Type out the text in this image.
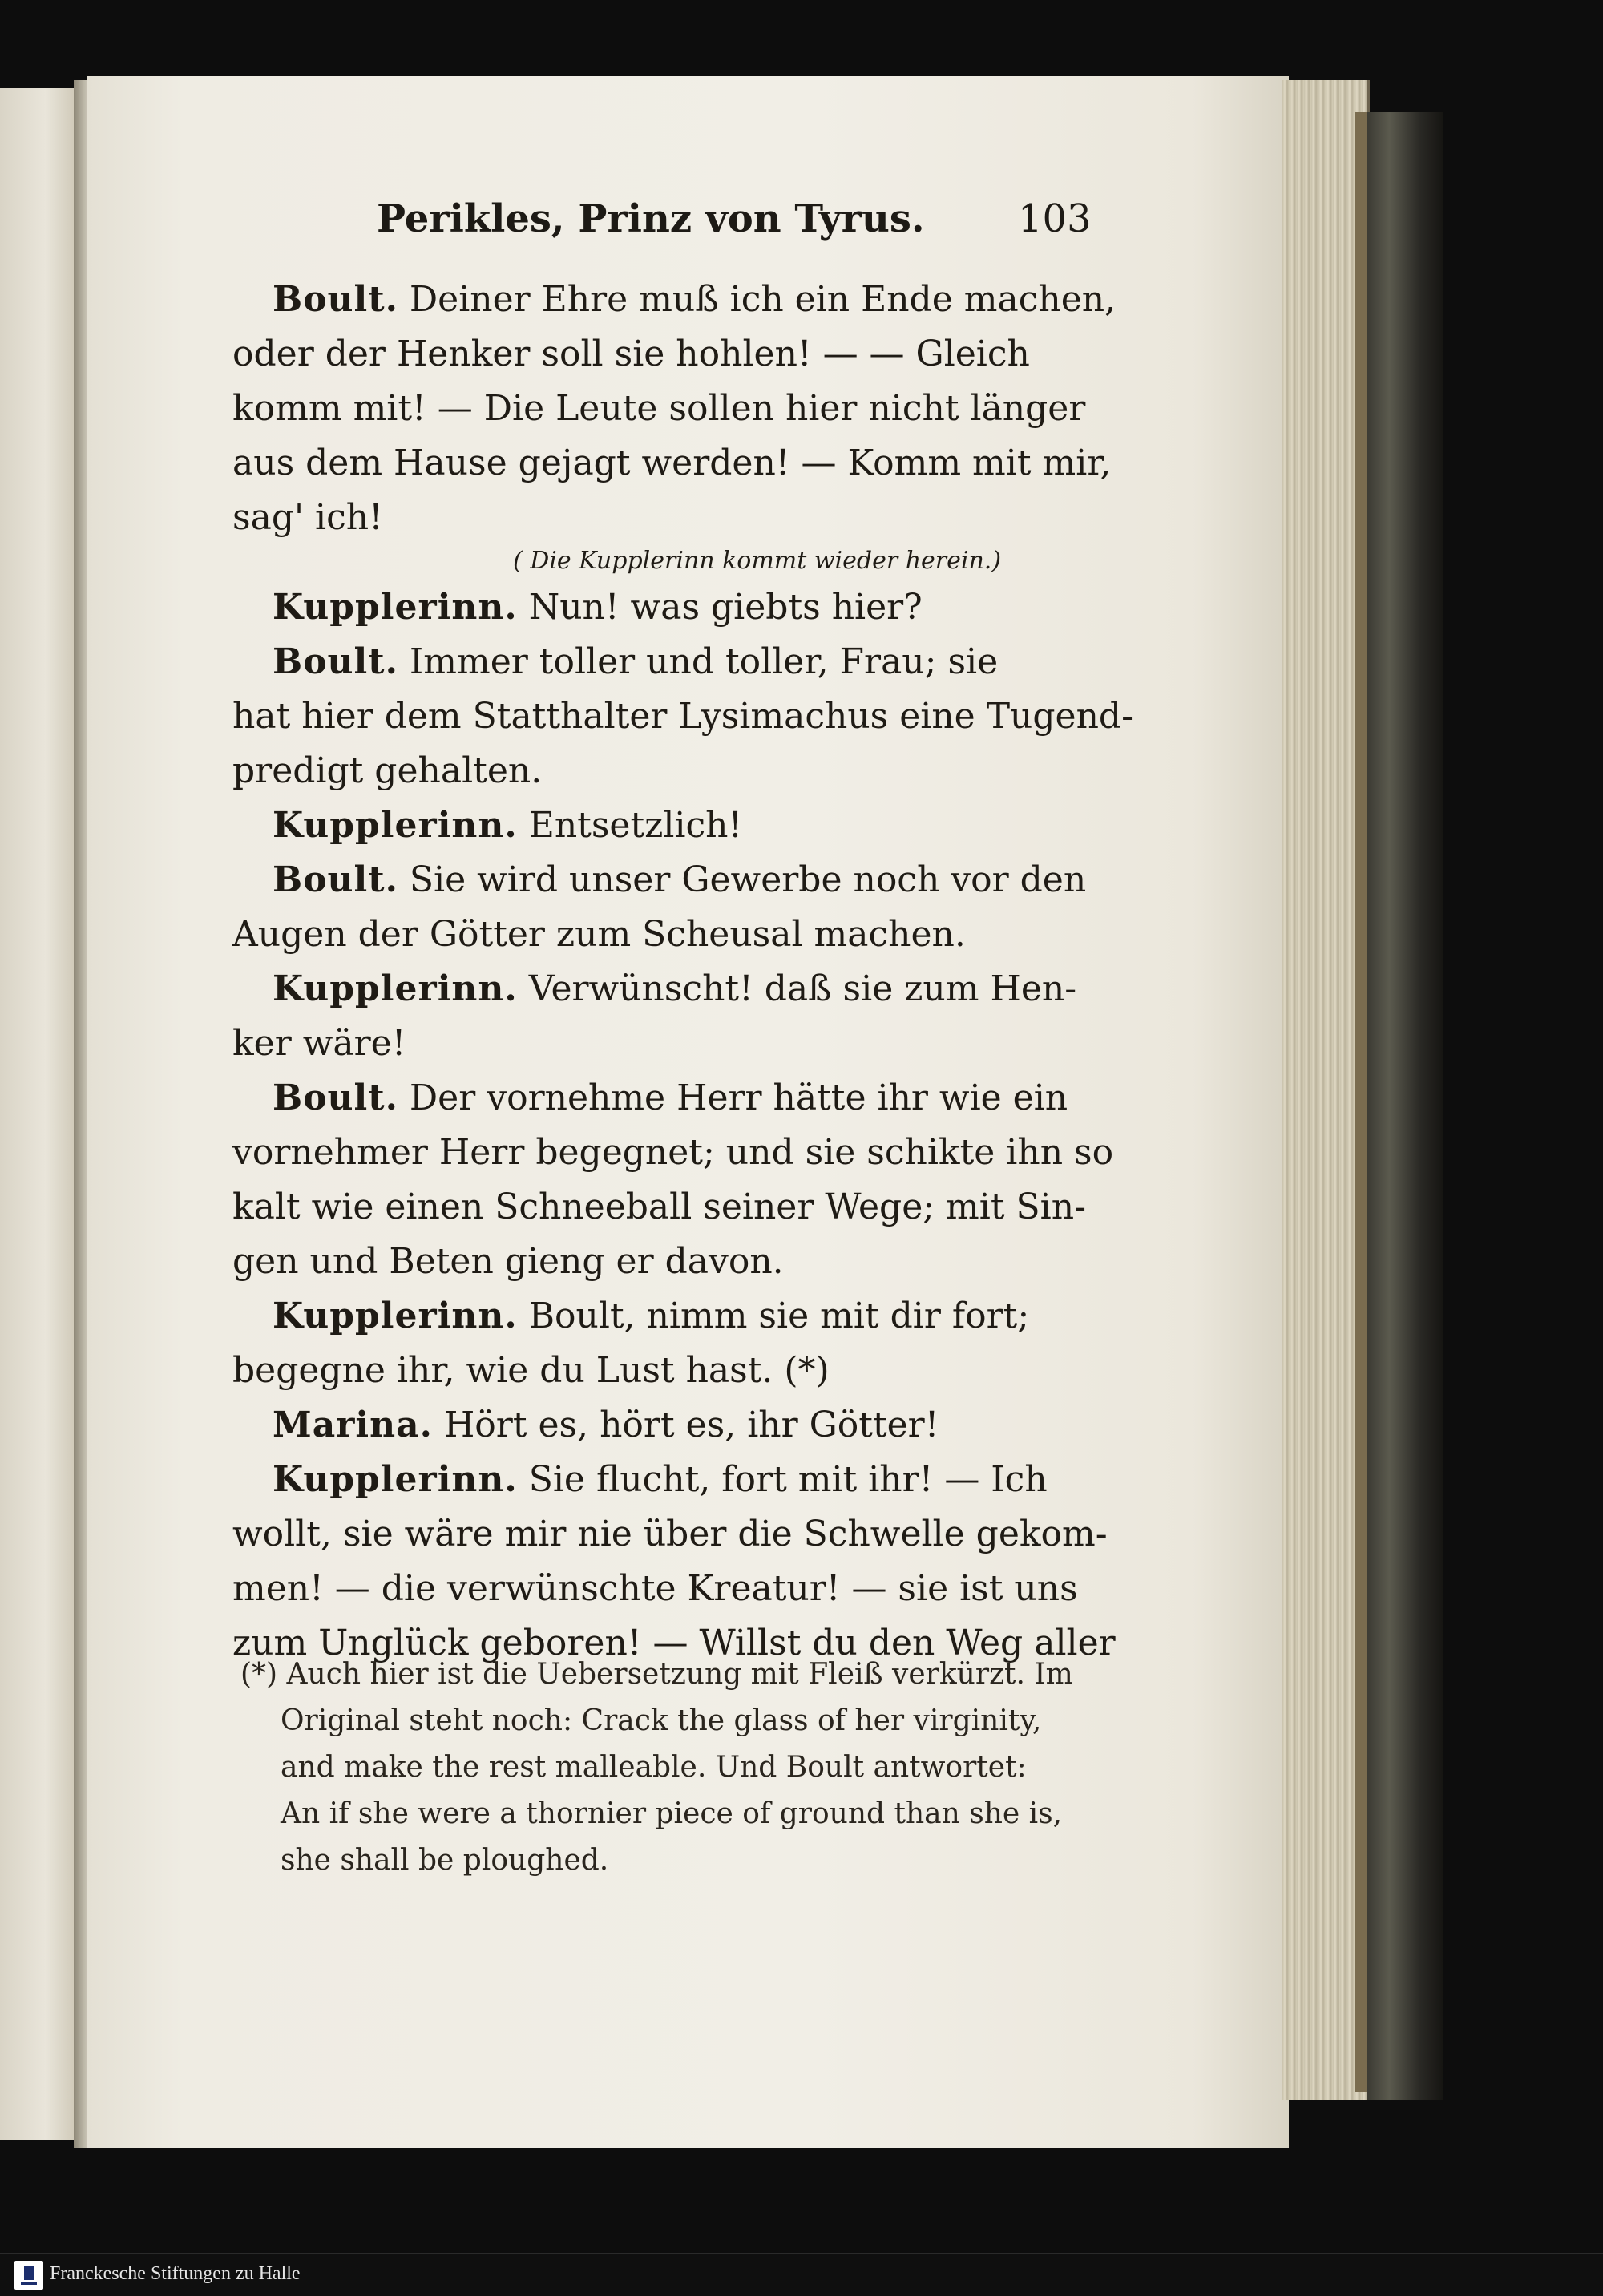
Perikles, Prinz von Tyrus. 103
Boult. Deiner Ehre muß ich ein Ende machen,
oder der Henker soll sie hohlen! — — Gleich
komm mit! — Die Leute sollen hier nicht länger
aus dem Hause gejagt werden! — Komm mit mir,
sag' ich!
( Die Kupplerinn kommt wieder herein.)
Kupplerinn. Nun! was giebts hier?
Boult. Immer toller und toller, Frau; sie
hat hier dem Statthalter Lysimachus eine Tugend-
predigt gehalten.
Kupplerinn. Entsetzlich!
Boult. Sie wird unser Gewerbe noch vor den
Augen der Götter zum Scheusal machen.
Kupplerinn. Verwünscht! daß sie zum Hen-
ker wäre!
Boult. Der vornehme Herr hätte ihr wie ein
vornehmer Herr begegnet; und sie schikte ihn so
kalt wie einen Schneeball seiner Wege; mit Sin-
gen und Beten gieng er davon.
Kupplerinn. Boult, nimm sie mit dir fort;
begegne ihr, wie du Lust hast. (*)
Marina. Hört es, hört es, ihr Götter!
Kupplerinn. Sie flucht, fort mit ihr! — Ich
wollt, sie wäre mir nie über die Schwelle gekom-
men! — die verwünschte Kreatur! — sie ist uns
zum Unglück geboren! — Willst du den Weg aller
(*) Auch hier ist die Uebersetzung mit Fleiß verkürzt. Im
Original steht noch: Crack the glass of her virginity,
and make the rest malleable. Und Boult antwortet:
An if she were a thornier piece of ground than she is,
she shall be ploughed.
Franckesche Stiftungen zu Halle
